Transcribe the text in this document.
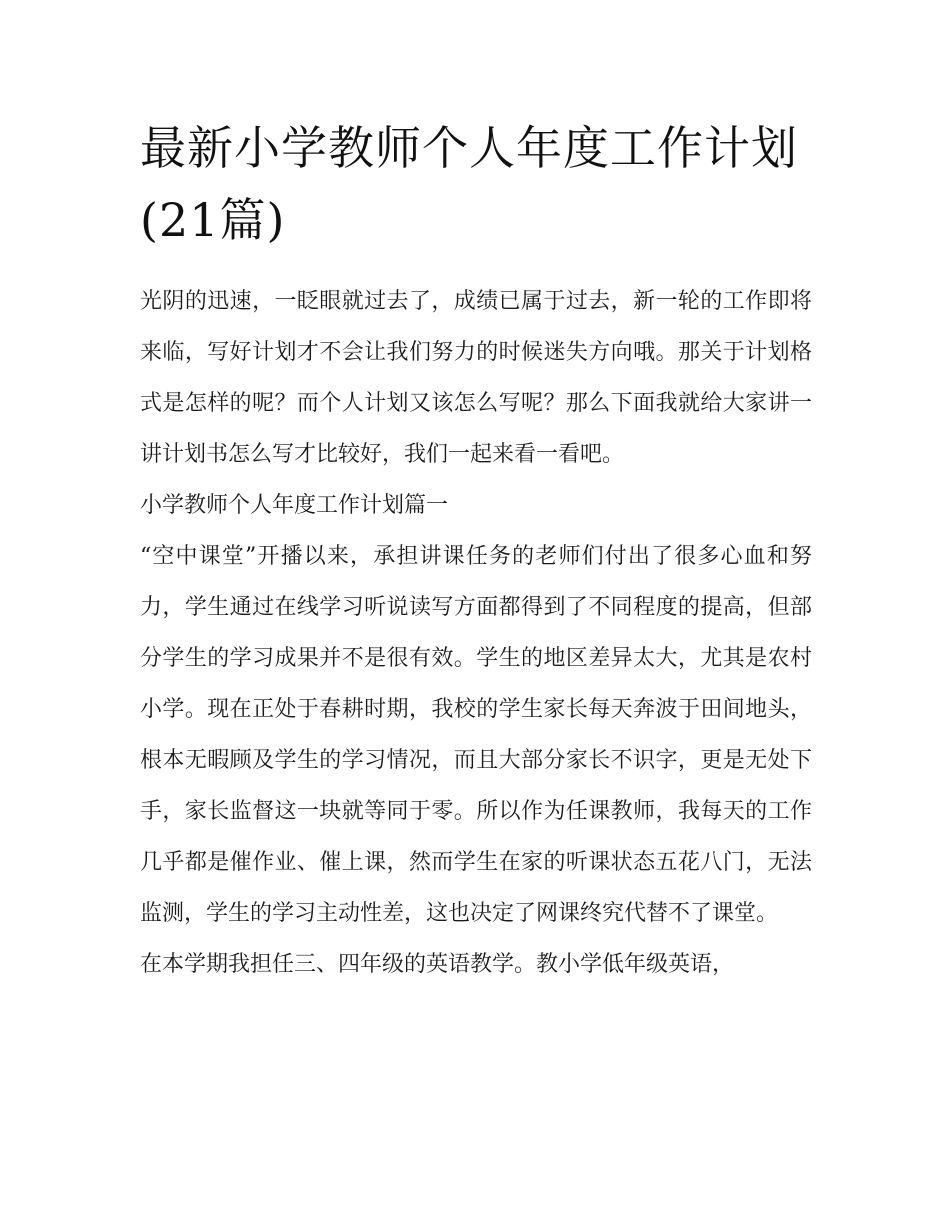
最新小学教师个人年度工作计划(21篇)

光阴的迅速，一眨眼就过去了，成绩已属于过去，新一轮的工作即将来临，写好计划才不会让我们努力的时候迷失方向哦。那关于计划格式是怎样的呢？而个人计划又该怎么写呢？那么下面我就给大家讲一讲计划书怎么写才比较好，我们一起来看一看吧。

小学教师个人年度工作计划篇一

“空中课堂”开播以来，承担讲课任务的老师们付出了很多心血和努力，学生通过在线学习听说读写方面都得到了不同程度的提高，但部分学生的学习成果并不是很有效。学生的地区差异太大，尤其是农村小学。现在正处于春耕时期，我校的学生家长每天奔波于田间地头，根本无暇顾及学生的学习情况，而且大部分家长不识字，更是无处下手，家长监督这一块就等同于零。所以作为任课教师，我每天的工作几乎都是催作业、催上课，然而学生在家的听课状态五花八门，无法监测，学生的学习主动性差，这也决定了网课终究代替不了课堂。

在本学期我担任三、四年级的英语教学。教小学低年级英语，
